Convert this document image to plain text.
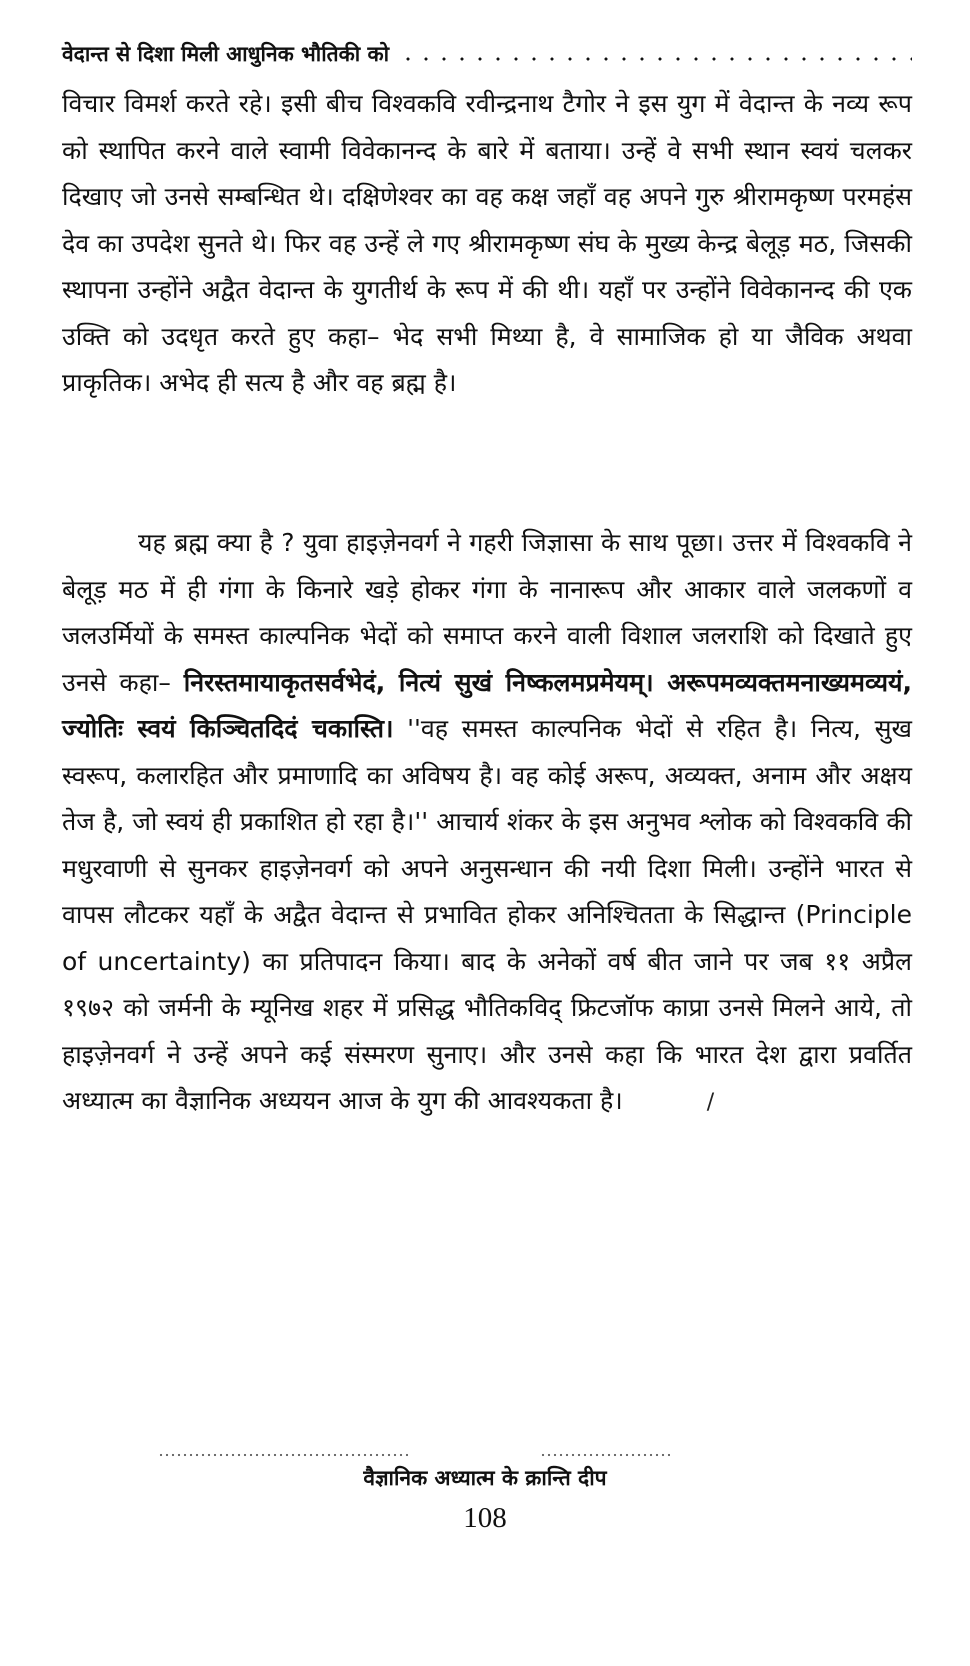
वेदान्त से दिशा मिली आधुनिक भौतिकी को

विचार विमर्श करते रहे। इसी बीच विश्वकवि रवीन्द्रनाथ टैगोर ने इस युग में वेदान्त के नव्य रूप को स्थापित करने वाले स्वामी विवेकानन्द के बारे में बताया। उन्हें वे सभी स्थान स्वयं चलकर दिखाए जो उनसे सम्बन्धित थे। दक्षिणेश्वर का वह कक्ष जहाँ वह अपने गुरु श्रीरामकृष्ण परमहंस देव का उपदेश सुनते थे। फिर वह उन्हें ले गए श्रीरामकृष्ण संघ के मुख्य केन्द्र बेलूड़ मठ, जिसकी स्थापना उन्होंने अद्वैत वेदान्त के युगतीर्थ के रूप में की थी। यहाँ पर उन्होंने विवेकानन्द की एक उक्ति को उदधृत करते हुए कहा– भेद सभी मिथ्या है, वे सामाजिक हो या जैविक अथवा प्राकृतिक। अभेद ही सत्य है और वह ब्रह्म है।

यह ब्रह्म क्या है ? युवा हाइज़ेनवर्ग ने गहरी जिज्ञासा के साथ पूछा। उत्तर में विश्वकवि ने बेलूड़ मठ में ही गंगा के किनारे खड़े होकर गंगा के नानारूप और आकार वाले जलकणों व जलउर्मियों के समस्त काल्पनिक भेदों को समाप्त करने वाली विशाल जलराशि को दिखाते हुए उनसे कहा– निरस्तमायाकृतसर्वभेदं, नित्यं सुखं निष्कलमप्रमेयम्। अरूपमव्यक्तमनाख्यमव्ययं, ज्योतिः स्वयं किञ्चितदिदं चकास्ति। ''वह समस्त काल्पनिक भेदों से रहित है। नित्य, सुख स्वरूप, कलारहित और प्रमाणादि का अविषय है। वह कोई अरूप, अव्यक्त, अनाम और अक्षय तेज है, जो स्वयं ही प्रकाशित हो रहा है।'' आचार्य शंकर के इस अनुभव श्लोक को विश्वकवि की मधुरवाणी से सुनकर हाइज़ेनवर्ग को अपने अनुसन्धान की नयी दिशा मिली। उन्होंने भारत से वापस लौटकर यहाँ के अद्वैत वेदान्त से प्रभावित होकर अनिश्चितता के सिद्धान्त (Principle of uncertainty) का प्रतिपादन किया। बाद के अनेकों वर्ष बीत जाने पर जब ११ अप्रैल १९७२ को जर्मनी के म्यूनिख शहर में प्रसिद्ध भौतिकविद् फ्रिटजॉफ काप्रा उनसे मिलने आये, तो हाइज़ेनवर्ग ने उन्हें अपने कई संस्मरण सुनाए। और उनसे कहा कि भारत देश द्वारा प्रवर्तित अध्यात्म का वैज्ञानिक अध्ययन आज के युग की आवश्यकता है।	/

वैज्ञानिक अध्यात्म के क्रान्ति दीप
108
